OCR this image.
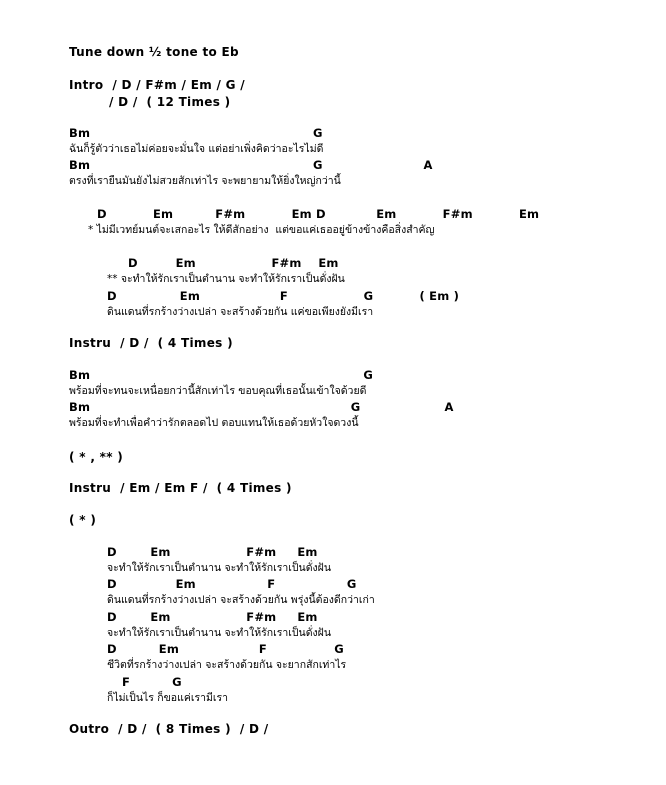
Tune down ½ tone to Eb
Intro  / D / F#m / Em / G /
/ D /  ( 12 Times )
Bm                                                     G
ฉันก็รู้ตัวว่าเธอไม่ค่อยจะมั่นใจ แต่อย่าเพิ่งคิดว่าอะไรไม่ดี
Bm                                                     G                        A
ตรงที่เรายืนมันยังไม่สวยสักเท่าไร จะพยายามให้ยิ่งใหญ่กว่านี้
D           Em          F#m           Em D            Em           F#m           Em
* ไม่มีเวทย์มนต์จะเสกอะไร ให้ดีสักอย่าง  แต่ขอแค่เธออยู่ข้างข้างคือสิ่งสำคัญ
D         Em                  F#m    Em
** จะทำให้รักเราเป็นตำนาน จะทำให้รักเราเป็นดั่งฝัน
D               Em                   F                  G           ( Em )
ดินแดนที่รกร้างว่างเปล่า จะสร้างด้วยกัน แค่ขอเพียงยังมีเรา
Instru  / D /  ( 4 Times )
Bm                                                                 G
พร้อมที่จะทนจะเหนื่อยกว่านี้สักเท่าไร ขอบคุณที่เธอนั้นเข้าใจด้วยดี
Bm                                                              G                    A
พร้อมที่จะทำเพื่อคำว่ารักตลอดไป ตอบแทนให้เธอด้วยหัวใจดวงนี้
( * , ** )
Instru  / Em / Em F /  ( 4 Times )
( * )
D        Em                  F#m     Em
จะทำให้รักเราเป็นตำนาน จะทำให้รักเราเป็นดั่งฝัน
D              Em                 F                 G
ดินแดนที่รกร้างว่างเปล่า จะสร้างด้วยกัน พรุ่งนี้ต้องดีกว่าเก่า
D        Em                  F#m     Em
จะทำให้รักเราเป็นตำนาน จะทำให้รักเราเป็นดั่งฝัน
D          Em                   F                G
ชีวิตที่รกร้างว่างเปล่า จะสร้างด้วยกัน จะยากสักเท่าไร
F          G
ก็ไม่เป็นไร ก็ขอแค่เรามีเรา
Outro  / D /  ( 8 Times )  / D /
